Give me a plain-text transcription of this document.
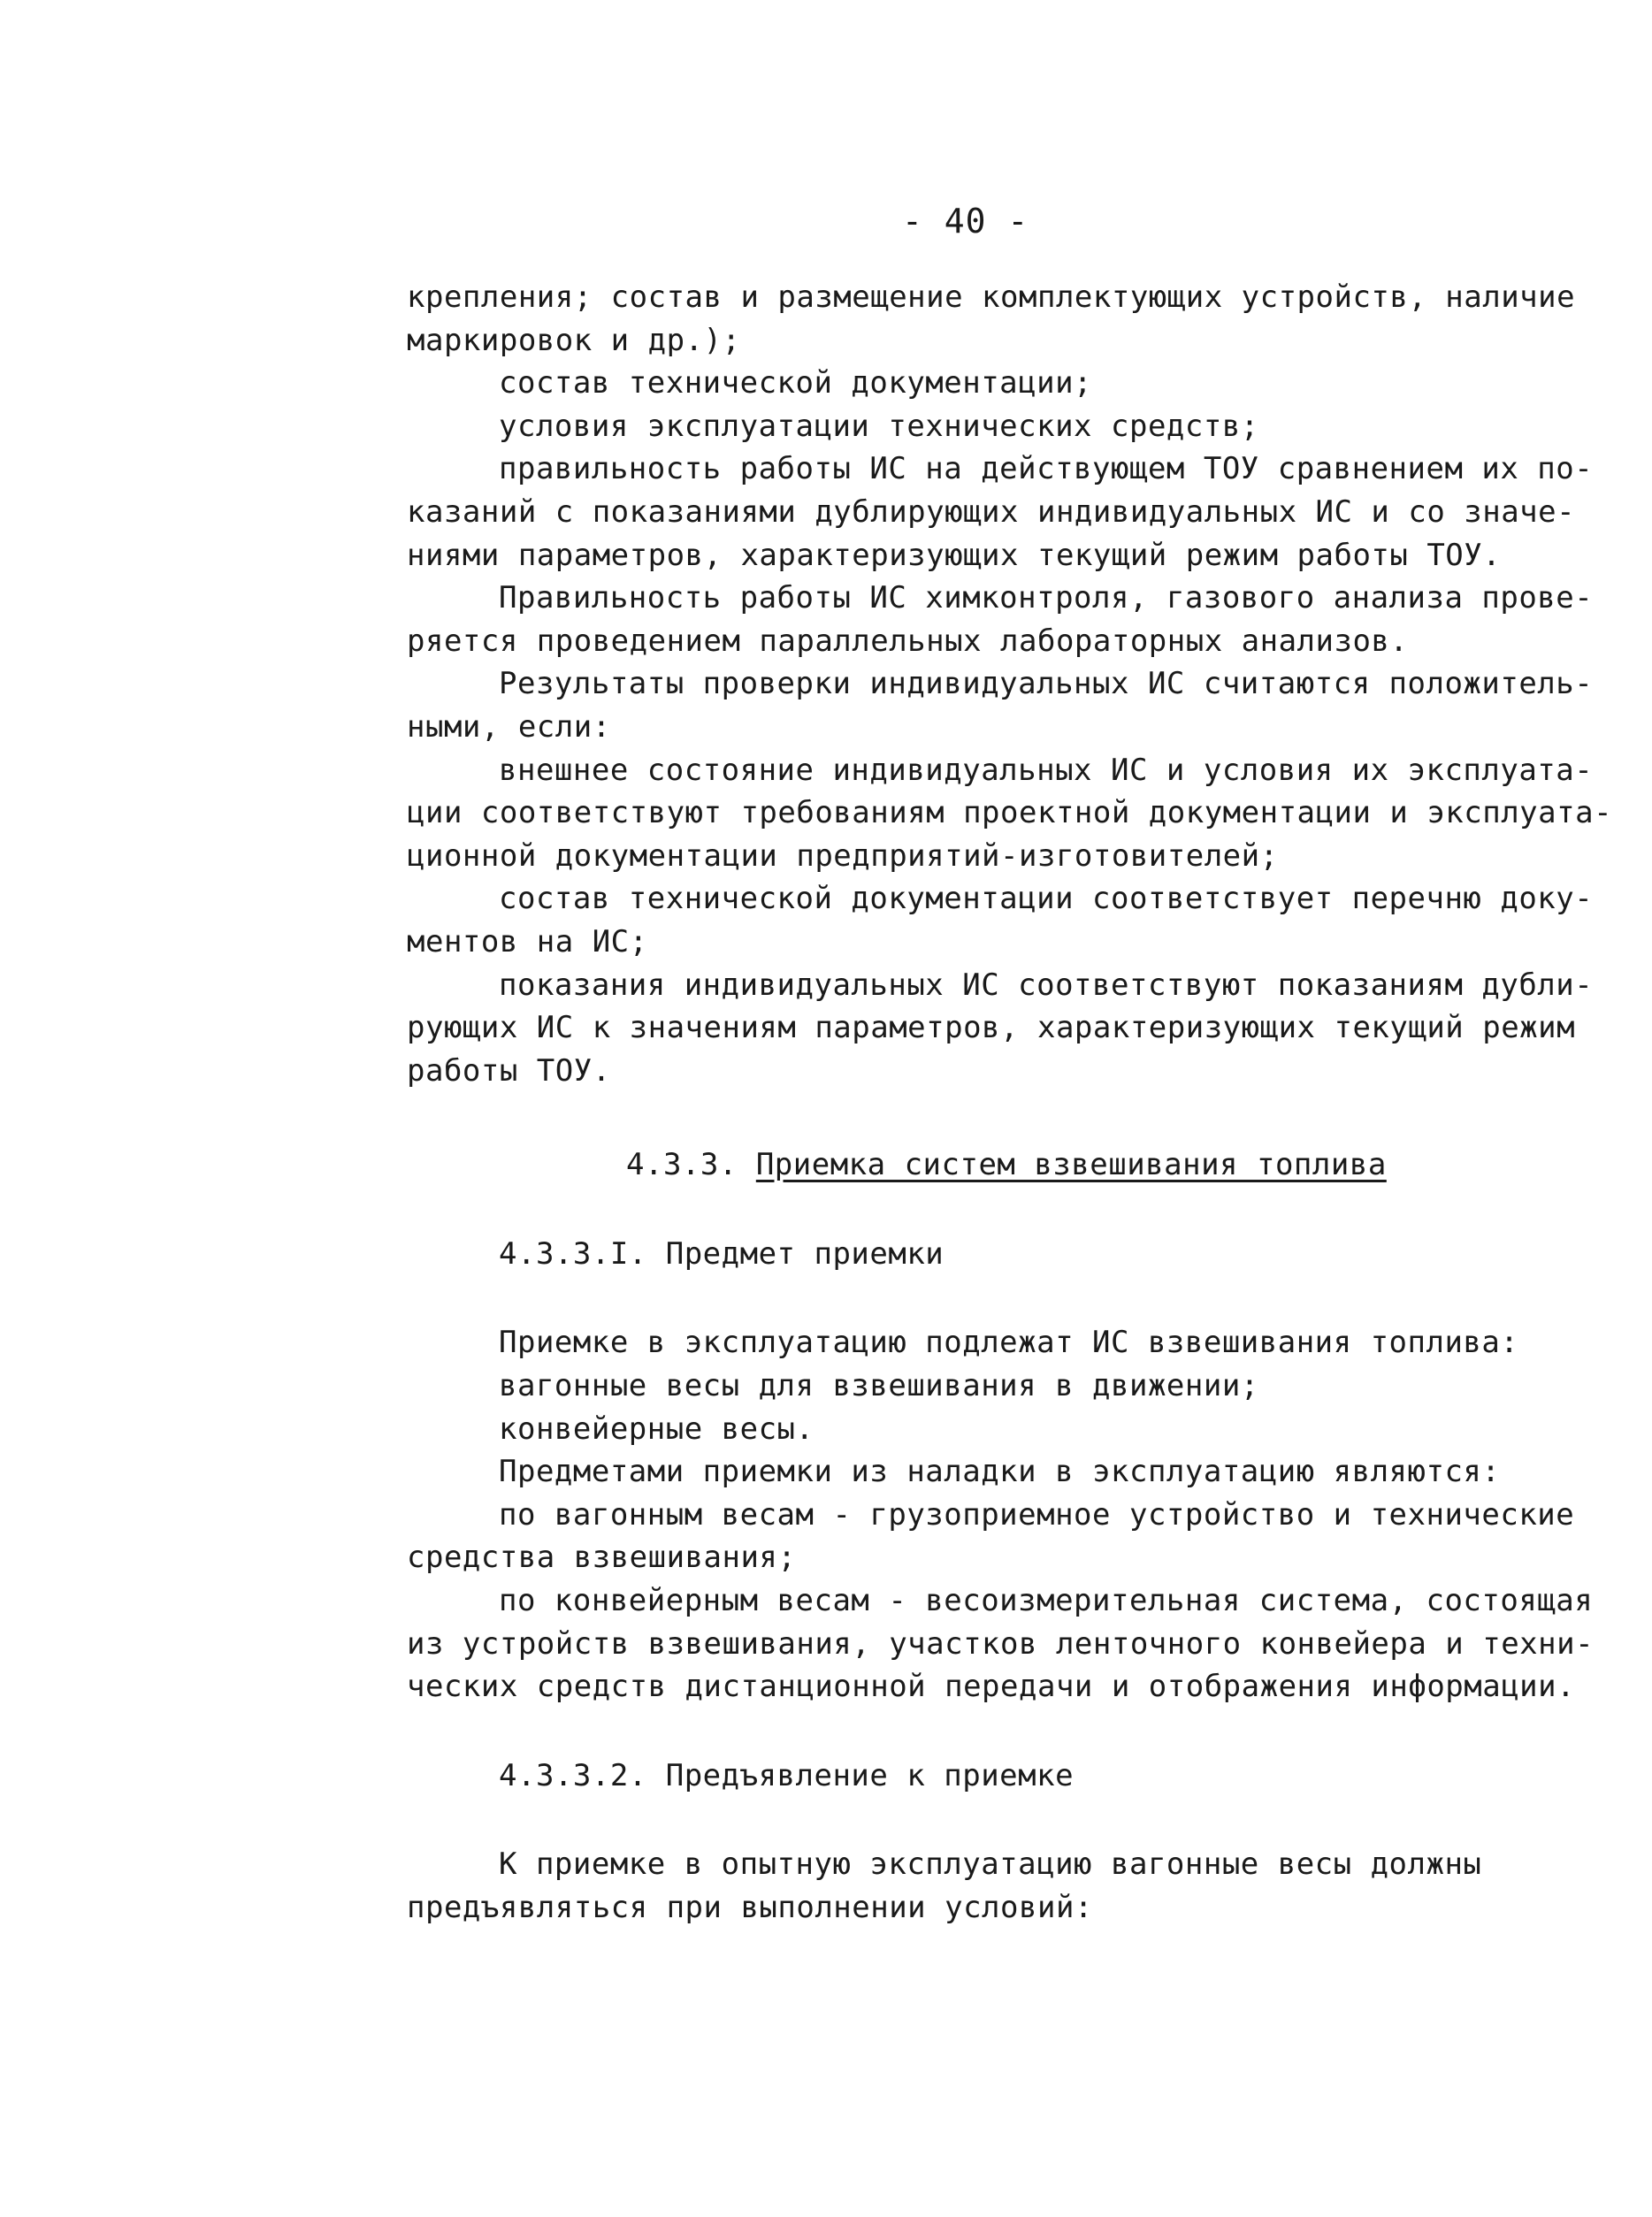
- 40 -
крепления; состав и размещение комплектующих устройств, наличие
маркировок и др.);
состав технической документации;
условия эксплуатации технических средств;
правильность работы ИС на действующем ТОУ сравнением их по-
казаний с показаниями дублирующих индивидуальных ИС и со значе-
ниями параметров, характеризующих текущий режим работы ТОУ.
Правильность работы ИС химконтроля, газового анализа прове-
ряется проведением параллельных лабораторных анализов.
Результаты проверки индивидуальных ИС считаются положитель-
ными, если:
внешнее состояние индивидуальных ИС и условия их эксплуата-
ции соответствуют требованиям проектной документации и эксплуата-
ционной документации предприятий-изготовителей;
состав технической документации соответствует перечню доку-
ментов на ИС;
показания индивидуальных ИС соответствуют показаниям дубли-
рующих ИС к значениям параметров, характеризующих текущий режим
работы ТОУ.
4.3.3. Приемка систем взвешивания топлива
4.3.3.I. Предмет приемки
Приемке в эксплуатацию подлежат ИС взвешивания топлива:
вагонные весы для взвешивания в движении;
конвейерные весы.
Предметами приемки из наладки в эксплуатацию являются:
по вагонным весам - грузоприемное устройство и технические
средства взвешивания;
по конвейерным весам - весоизмерительная система, состоящая
из устройств взвешивания, участков ленточного конвейера и техни-
ческих средств дистанционной передачи и отображения информации.
4.3.3.2. Предъявление к приемке
К приемке в опытную эксплуатацию вагонные весы должны
предъявляться при выполнении условий:
